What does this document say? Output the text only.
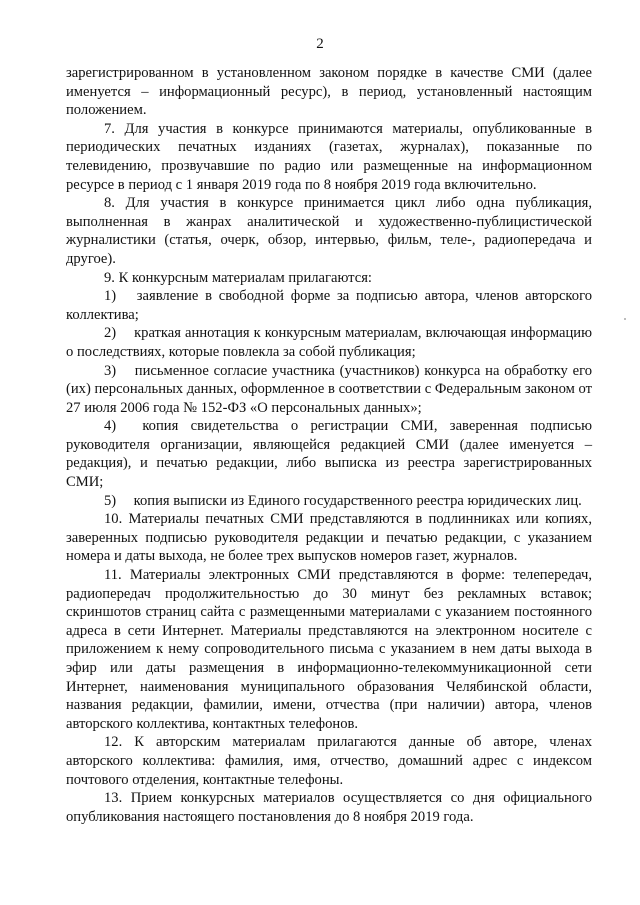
2

зарегистрированном в установленном законом порядке в качестве СМИ (далее именуется – информационный ресурс), в период, установленный настоящим положением.

7. Для участия в конкурсе принимаются материалы, опубликованные в периодических печатных изданиях (газетах, журналах), показанные по телевидению, прозвучавшие по радио или размещенные на информационном ресурсе в период с 1 января 2019 года по 8 ноября 2019 года включительно.

8. Для участия в конкурсе принимается цикл либо одна публикация, выполненная в жанрах аналитической и художественно-публицистической журналистики (статья, очерк, обзор, интервью, фильм, теле-, радиопередача и другое).

9. К конкурсным материалам прилагаются:

1) заявление в свободной форме за подписью автора, членов авторского коллектива;

2) краткая аннотация к конкурсным материалам, включающая информацию о последствиях, которые повлекла за собой публикация;

3) письменное согласие участника (участников) конкурса на обработку его (их) персональных данных, оформленное в соответствии с Федеральным законом от 27 июля 2006 года № 152-ФЗ «О персональных данных»;

4) копия свидетельства о регистрации СМИ, заверенная подписью руководителя организации, являющейся редакцией СМИ (далее именуется – редакция), и печатью редакции, либо выписка из реестра зарегистрированных СМИ;

5) копия выписки из Единого государственного реестра юридических лиц.

10. Материалы печатных СМИ представляются в подлинниках или копиях, заверенных подписью руководителя редакции и печатью редакции, с указанием номера и даты выхода, не более трех выпусков номеров газет, журналов.

11. Материалы электронных СМИ представляются в форме: телепередач, радиопередач продолжительностью до 30 минут без рекламных вставок; скриншотов страниц сайта с размещенными материалами с указанием постоянного адреса в сети Интернет. Материалы представляются на электронном носителе с приложением к нему сопроводительного письма с указанием в нем даты выхода в эфир или даты размещения в информационно-телекоммуникационной сети Интернет, наименования муниципального образования Челябинской области, названия редакции, фамилии, имени, отчества (при наличии) автора, членов авторского коллектива, контактных телефонов.

12. К авторским материалам прилагаются данные об авторе, членах авторского коллектива: фамилия, имя, отчество, домашний адрес с индексом почтового отделения, контактные телефоны.

13. Прием конкурсных материалов осуществляется со дня официального опубликования настоящего постановления до 8 ноября 2019 года.
